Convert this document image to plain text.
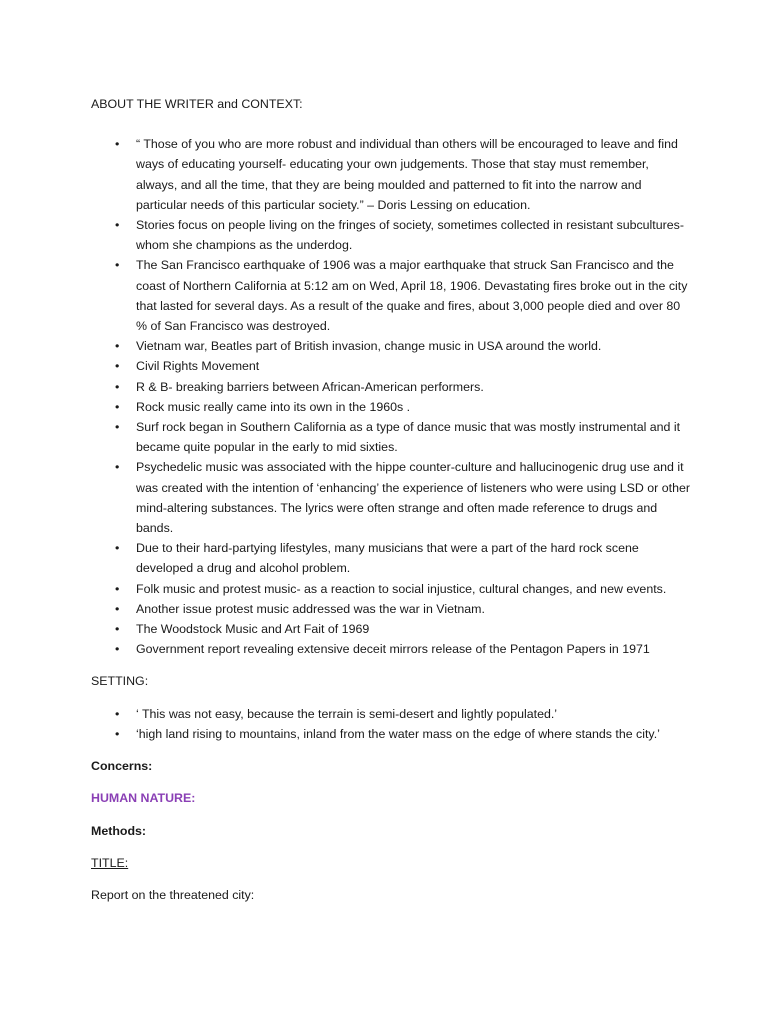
ABOUT THE WRITER and CONTEXT:

• “ Those of you who are more robust and individual than others will be encouraged to leave and find ways of educating yourself- educating your own judgements. Those that stay must remember, always, and all the time, that they are being moulded and patterned to fit into the narrow and particular needs of this particular society.” – Doris Lessing on education.
• Stories focus on people living on the fringes of society, sometimes collected in resistant subcultures- whom she champions as the underdog.
• The San Francisco earthquake of 1906 was a major earthquake that struck San Francisco and the coast of Northern California at 5:12 am on Wed, April 18, 1906. Devastating fires broke out in the city that lasted for several days. As a result of the quake and fires, about 3,000 people died and over 80 % of San Francisco was destroyed.
• Vietnam war, Beatles part of British invasion, change music in USA around the world.
• Civil Rights Movement
• R & B- breaking barriers between African-American performers.
• Rock music really came into its own in the 1960s .
• Surf rock began in Southern California as a type of dance music that was mostly instrumental and it became quite popular in the early to mid sixties.
• Psychedelic music was associated with the hippe counter-culture and hallucinogenic drug use and it was created with the intention of ‘enhancing’ the experience of listeners who were using LSD or other mind-altering substances. The lyrics were often strange and often made reference to drugs and bands.
• Due to their hard-partying lifestyles, many musicians that were a part of the hard rock scene developed a drug and alcohol problem.
• Folk music and protest music- as a reaction to social injustice, cultural changes, and new events.
• Another issue protest music addressed was the war in Vietnam.
• The Woodstock Music and Art Fait of 1969
• Government report revealing extensive deceit mirrors release of the Pentagon Papers in 1971

SETTING:

• ‘ This was not easy, because the terrain is semi-desert and lightly populated.’
• ‘high land rising to mountains, inland from the water mass on the edge of where stands the city.’

Concerns:

HUMAN NATURE:

Methods:

TITLE:

Report on the threatened city:
